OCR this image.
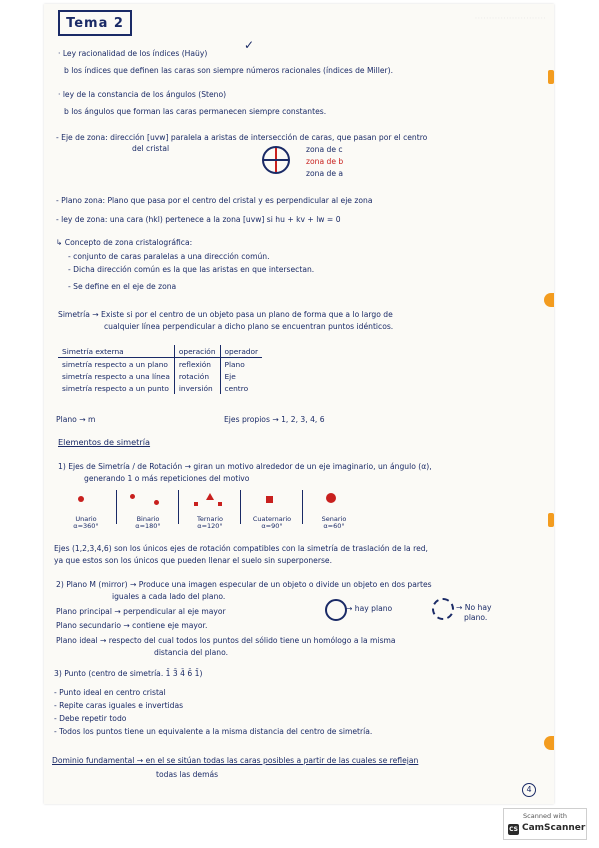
·························
Tema 2
✓
· Ley racionalidad de los índices (Haüy)
b los índices que definen las caras son siempre números racionales (índices de Miller).
· ley de la constancia de los ángulos (Steno)
b los ángulos que forman las caras permanecen siempre constantes.
- Eje de zona: dirección [uvw] paralela a aristas de intersección de caras, que pasan por el centro
del cristal	zona de c
zona de b
zona de a
- Plano zona: Plano que pasa por el centro del cristal y es perpendicular al eje zona
- ley de zona: una cara (hkl) pertenece a la zona [uvw] si hu + kv + lw = 0
↳ Concepto de zona cristalográfica:
- conjunto de caras paralelas a una dirección común.
- Dicha dirección común es la que las aristas en que intersectan.
- Se define en el eje de zona
Simetría → Existe si por el centro de un objeto pasa un plano de forma que a lo largo de
cualquier línea perpendicular a dicho plano se encuentran puntos idénticos.
Simetría externa	operación	operador
simetría respecto a un plano	reflexión	Plano
simetría respecto a una línea	rotación	Eje
simetría respecto a un punto	inversión	centro
Plano → m	Ejes propios → 1, 2, 3, 4, 6
Elementos de simetría
1) Ejes de Simetría / de Rotación → giran un motivo alrededor de un eje imaginario, un ángulo (α),
generando 1 o más repeticiones del motivo
Unario
α=360°
Binario
α=180°
Ternario
α=120°
Cuaternario
α=90°
Senario
α=60°
Ejes (1,2,3,4,6) son los únicos ejes de rotación compatibles con la simetría de traslación de la red,
ya que estos son los únicos que pueden llenar el suelo sin superponerse.
2) Plano M (mirror) → Produce una imagen especular de un objeto o divide un objeto en dos partes
iguales a cada lado del plano.
→ hay plano	→ No hay
plano.
Plano principal → perpendicular al eje mayor
Plano secundario → contiene eje mayor.
Plano ideal → respecto del cual todos los puntos del sólido tiene un homólogo a la misma
distancia del plano.
3) Punto (centro de simetría. 1̄ 3̄ 4̄ 6̄ 1̄)
- Punto ideal en centro cristal
- Repite caras iguales e invertidas
- Debe repetir todo
- Todos los puntos tiene un equivalente a la misma distancia del centro de simetría.
Dominio fundamental → en el se sitúan todas las caras posibles a partir de las cuales se reflejan
todas las demás
4
Scanned with
CS CamScanner
